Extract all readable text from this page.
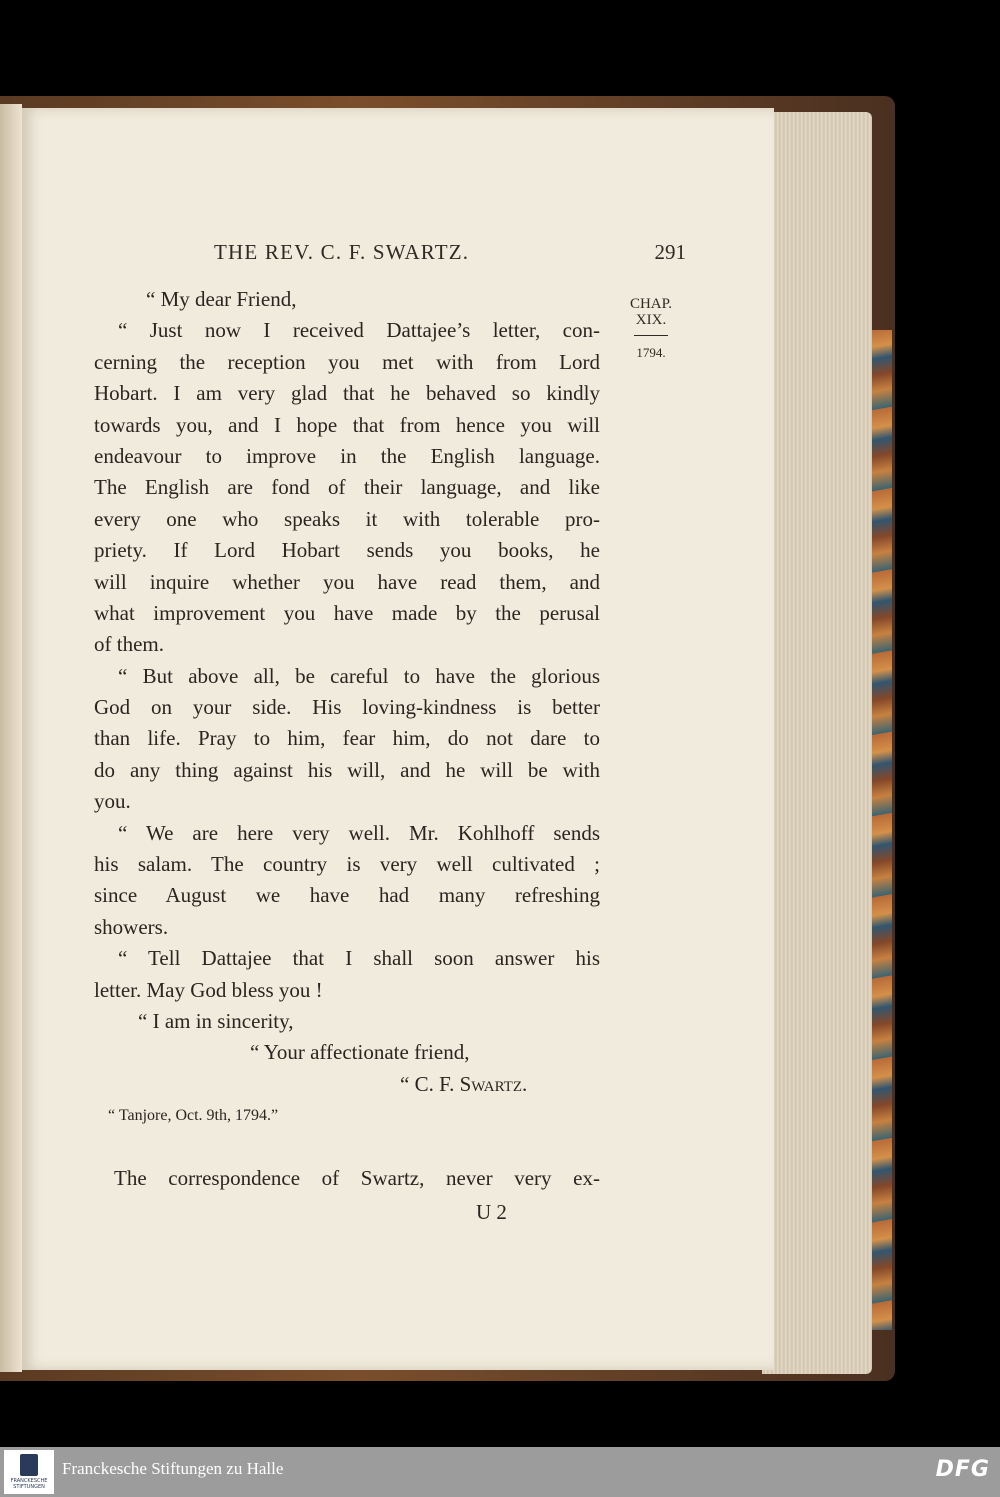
THE REV. C. F. SWARTZ.	291
CHAP.
XIX.
1794.
“ My dear Friend,
“ Just now I received Dattajee’s letter, con-
cerning the reception you met with from Lord
Hobart. I am very glad that he behaved so kindly
towards you, and I hope that from hence you will
endeavour to improve in the English language.
The English are fond of their language, and like
every one who speaks it with tolerable pro-
priety. If Lord Hobart sends you books, he
will inquire whether you have read them, and
what improvement you have made by the perusal
of them.
“ But above all, be careful to have the glorious
God on your side. His loving-kindness is better
than life. Pray to him, fear him, do not dare to
do any thing against his will, and he will be with
you.
“ We are here very well. Mr. Kohlhoff sends
his salam. The country is very well cultivated ;
since August we have had many refreshing
showers.
“ Tell Dattajee that I shall soon answer his
letter. May God bless you !
“ I am in sincerity,
“ Your affectionate friend,
“ C. F. Swartz.
“ Tanjore, Oct. 9th, 1794.”
The correspondence of Swartz, never very ex-
U 2
FRANCKESCHE STIFTUNGEN
Franckesche Stiftungen zu Halle	DFG
